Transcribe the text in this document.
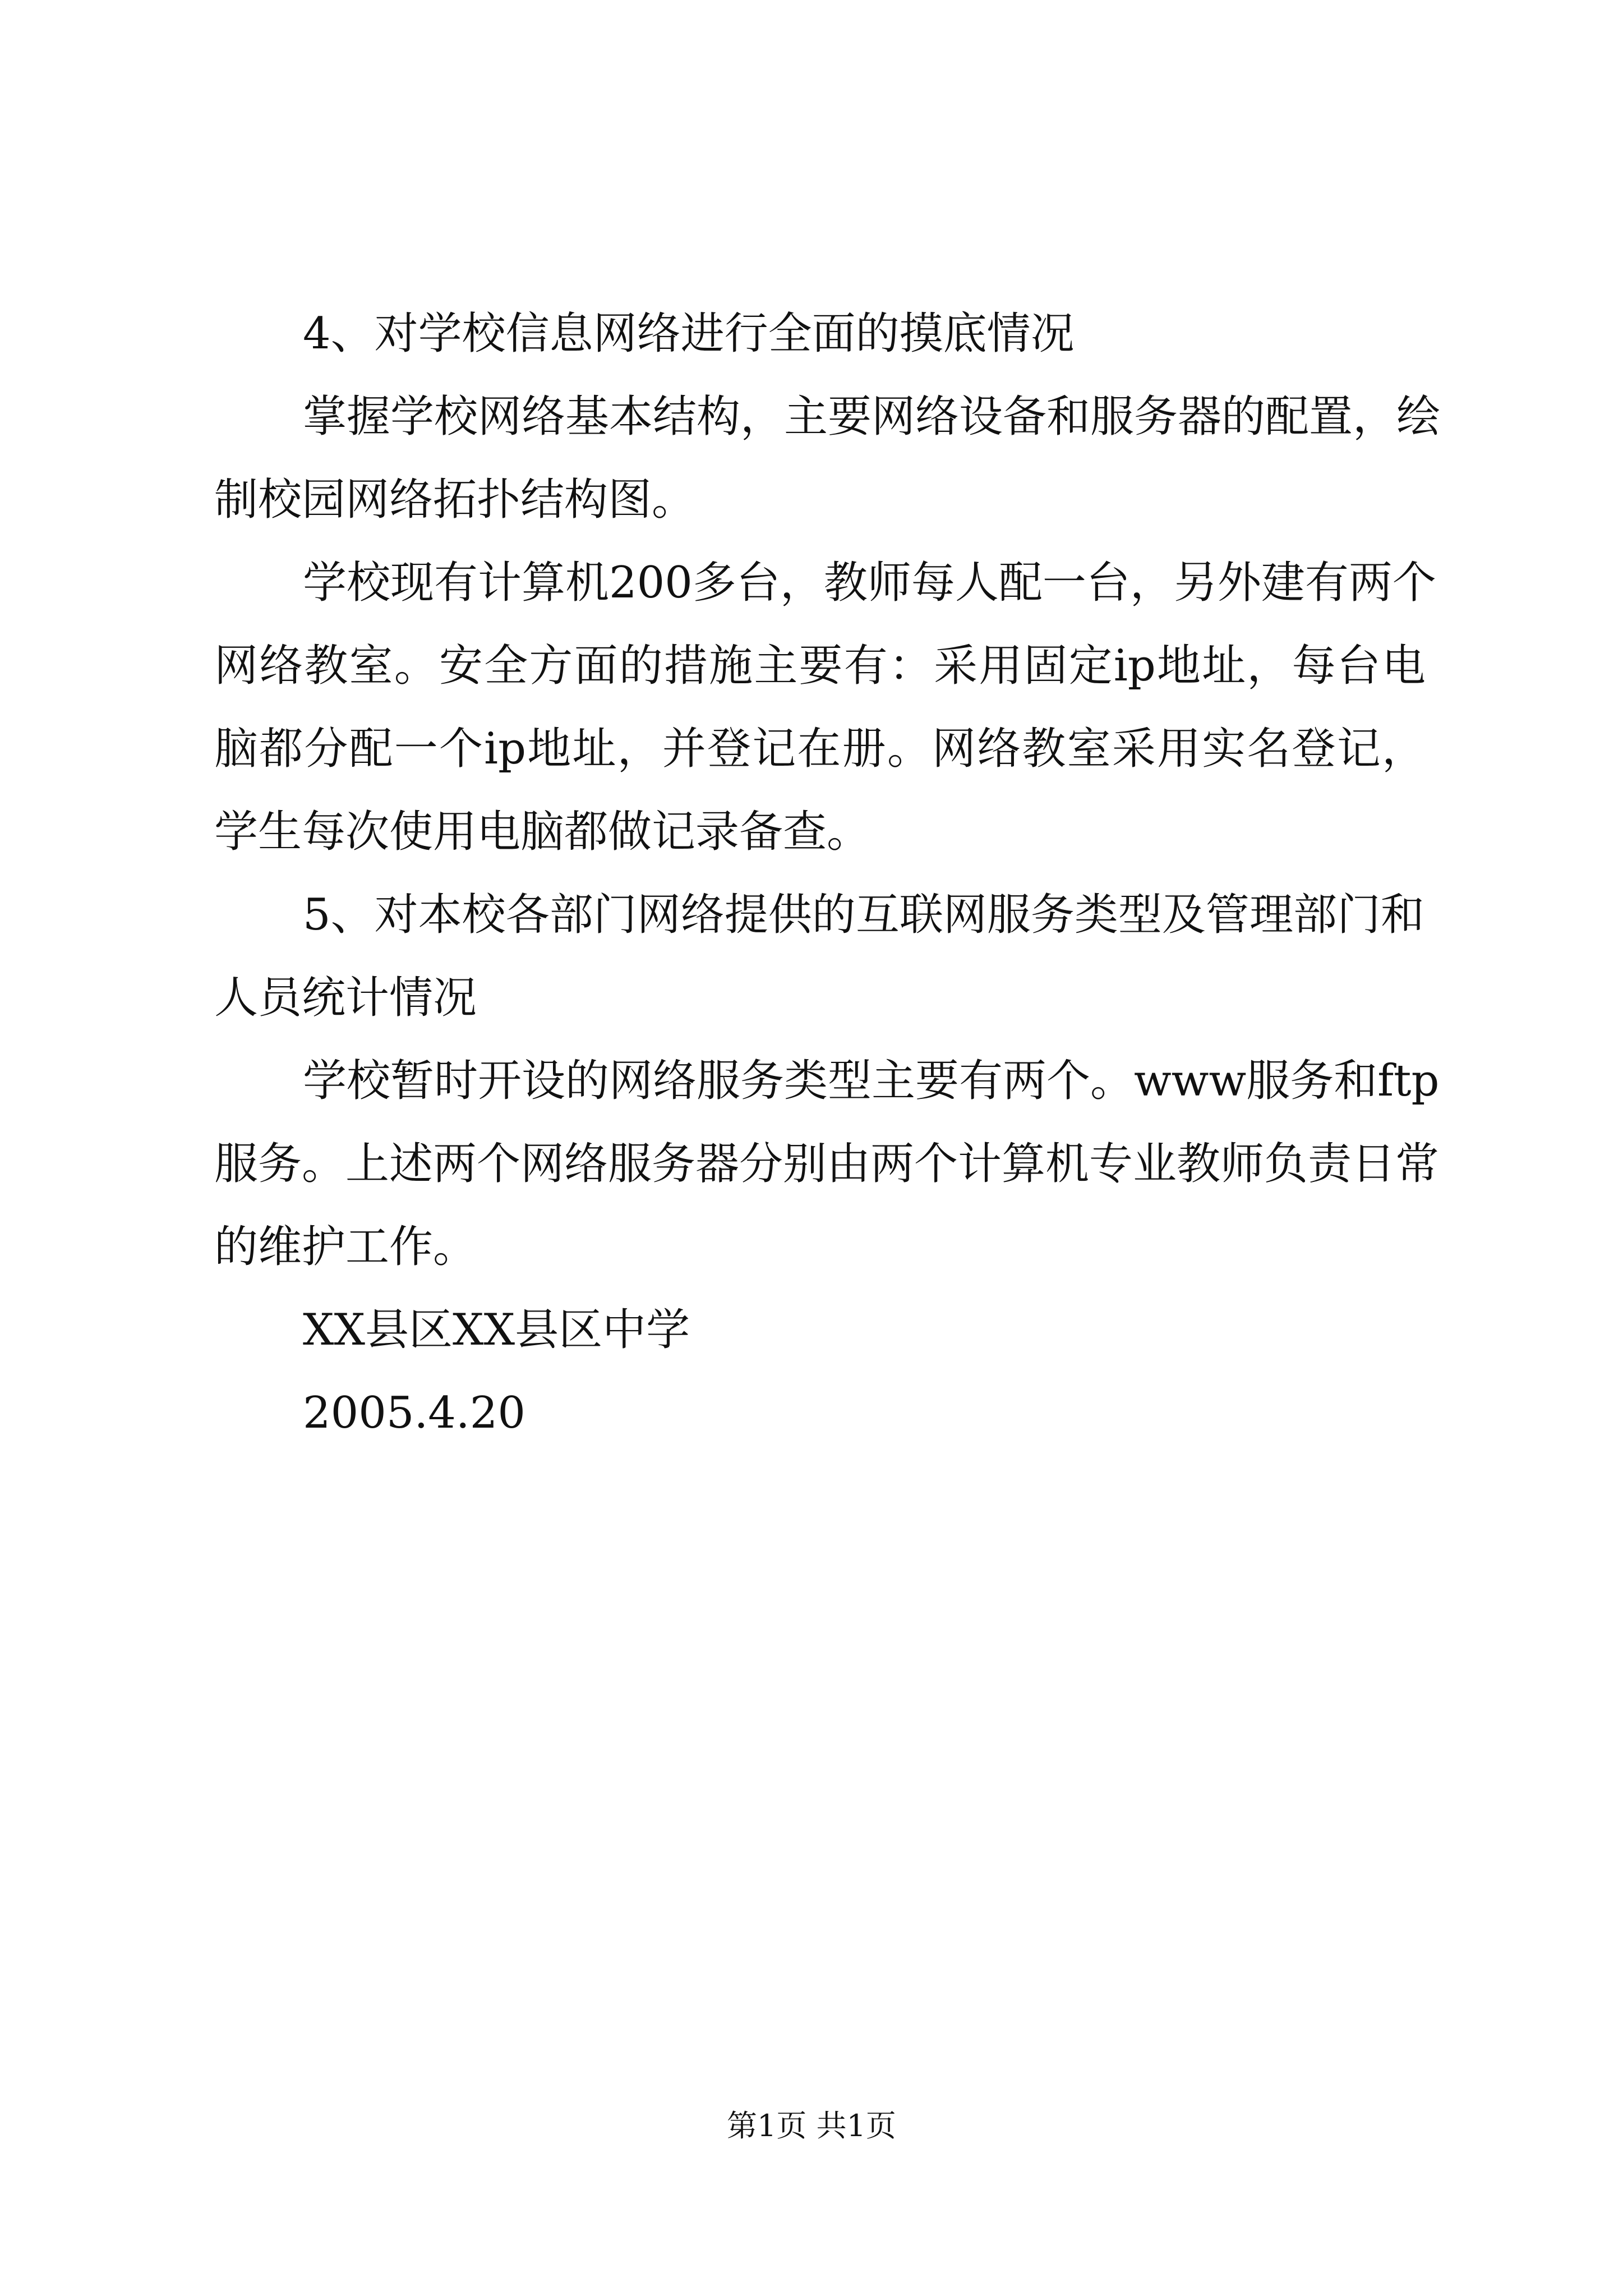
4、对学校信息网络进行全面的摸底情况

掌握学校网络基本结构，主要网络设备和服务器的配置，绘

制校园网络拓扑结构图。

学校现有计算机200多台，教师每人配一台，另外建有两个

网络教室。安全方面的措施主要有：采用固定ip地址，每台电

脑都分配一个ip地址，并登记在册。网络教室采用实名登记，

学生每次使用电脑都做记录备查。

5、对本校各部门网络提供的互联网服务类型及管理部门和

人员统计情况

学校暂时开设的网络服务类型主要有两个。www服务和ftp

服务。上述两个网络服务器分别由两个计算机专业教师负责日常

的维护工作。

XX县区XX县区中学

2005.4.20

第1页 共1页
